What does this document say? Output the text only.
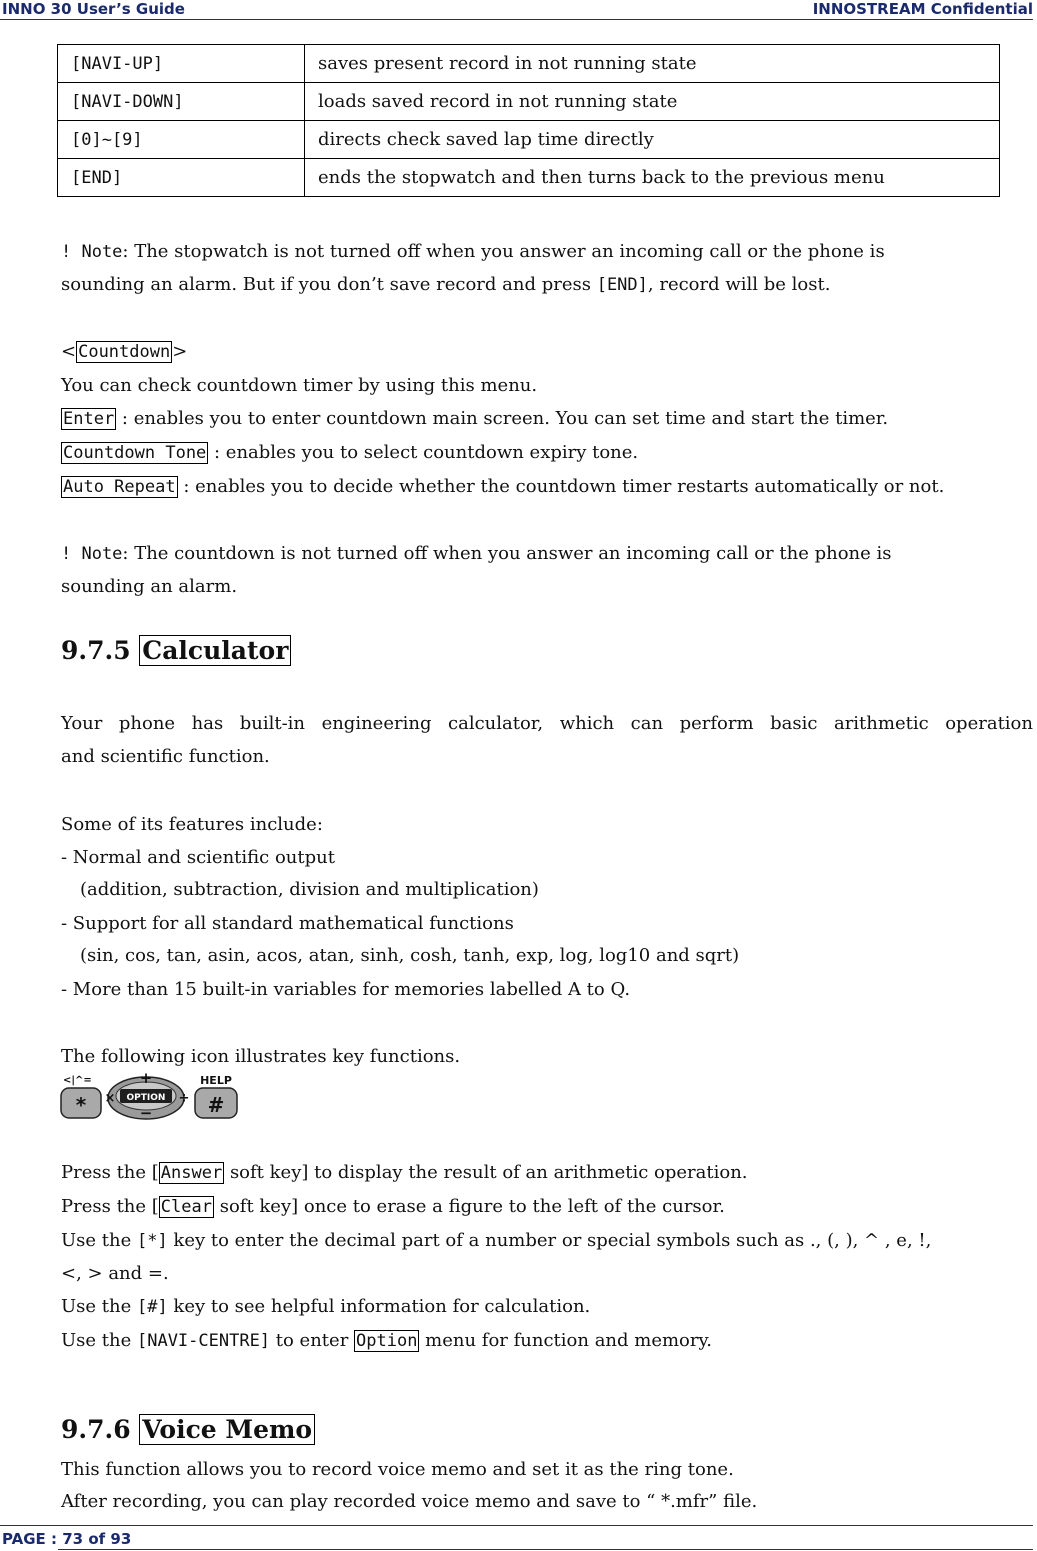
INNO 30 User’s Guide	INNOSTREAM Confidential
[NAVI-UP]	saves present record in not running state
[NAVI-DOWN]	loads saved record in not running state
[0]~[9]	directs check saved lap time directly
[END]	ends the stopwatch and then turns back to the previous menu
! Note: The stopwatch is not turned off when you answer an incoming call or the phone is
sounding an alarm. But if you don’t save record and press [END], record will be lost.
< Countdown >
You can check countdown timer by using this menu.
Enter : enables you to enter countdown main screen. You can set time and start the timer.
Countdown Tone : enables you to select countdown expiry tone.
Auto Repeat : enables you to decide whether the countdown timer restarts automatically or not.
! Note: The countdown is not turned off when you answer an incoming call or the phone is
sounding an alarm.
9.7.5 Calculator
Your phone has built-in engineering calculator, which can perform basic arithmetic operation
and scientific function.
Some of its features include:
- Normal and scientific output
(addition, subtraction, division and multiplication)
- Support for all standard mathematical functions
(sin, cos, tan, asin, acos, atan, sinh, cosh, tanh, exp, log, log10 and sqrt)
- More than 15 built-in variables for memories labelled A to Q.
The following icon illustrates key functions.
*
<|^=
OPTION
+
−
×	÷ #
HELP
Press the [ Answer soft key] to display the result of an arithmetic operation.
Press the [ Clear soft key] once to erase a figure to the left of the cursor.
Use the [*] key to enter the decimal part of a number or special symbols such as ., (, ), ^ , e, !,
<, > and =.
Use the [#] key to see helpful information for calculation.
Use the [NAVI-CENTRE] to enter Option menu for function and memory.
9.7.6 Voice Memo
This function allows you to record voice memo and set it as the ring tone.
After recording, you can play recorded voice memo and save to “ *.mfr” file.
PAGE : 73 of 93
